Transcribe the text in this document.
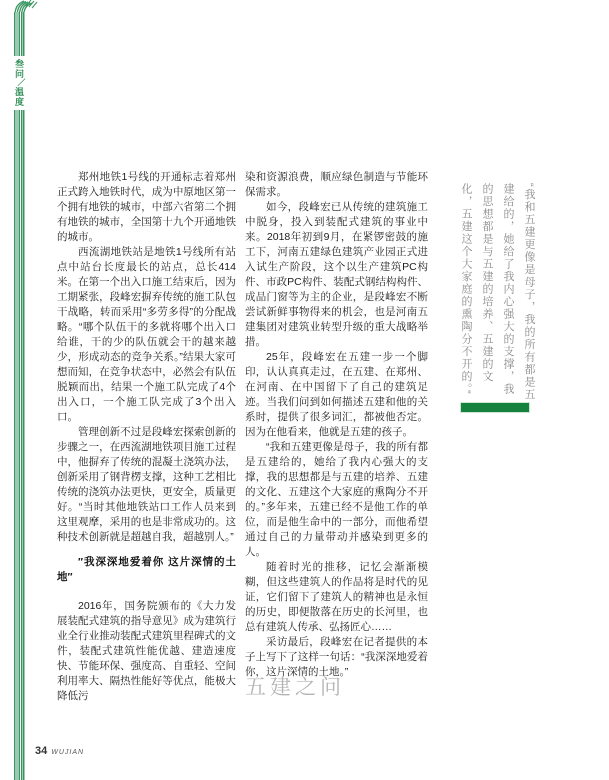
叁
问
／
温
度

郑州地铁1号线的开通标志着郑州正式跨入地铁时代，成为中原地区第一个拥有地铁的城市，中部六省第二个拥有地铁的城市，全国第十九个开通地铁的城市。

西流湖地铁站是地铁1号线所有站点中站台长度最长的站点，总长414米。在第一个出入口施工结束后，因为工期紧张，段峰宏摒弃传统的施工队包干战略，转而采用“多劳多得”的分配战略。“哪个队伍干的多就将哪个出入口给谁，干的少的队伍就会干的越来越少，形成动态的竞争关系。”结果大家可想而知，在竞争状态中，必然会有队伍脱颖而出，结果一个施工队完成了4个出入口，一个施工队完成了3个出入口。

管理创新不过是段峰宏探索创新的步骤之一，在西流湖地铁项目施工过程中，他摒弃了传统的混凝土浇筑办法，创新采用了钢背楞支撑，这种工艺相比传统的浇筑办法更快，更安全，质量更好。“当时其他地铁站口工作人员来到这里观摩，采用的也是非常成功的。这种技术创新就是超越自我，超越别人。”

″我深深地爱着你 这片深情的土地″

2016年，国务院颁布的《大力发展装配式建筑的指导意见》成为建筑行业全行业推动装配式建筑里程碑式的文件，装配式建筑性能优越、建造速度快、节能环保、强度高、自重轻、空间利用率大、隔热性能好等优点，能极大降低污

染和资源浪费，顺应绿色制造与节能环保需求。

如今，段峰宏已从传统的建筑施工中脱身，投入到装配式建筑的事业中来。2018年初到9月，在紧锣密鼓的施工下，河南五建绿色建筑产业园正式进入试生产阶段，这个以生产建筑PC构件、市政PC构件、装配式钢结构构件、成品门窗等为主的企业，是段峰宏不断尝试新鲜事物得来的机会，也是河南五建集团对建筑业转型升级的重大战略举措。

25年，段峰宏在五建一步一个脚印，认认真真走过，在五建、在郑州、在河南、在中国留下了自己的建筑足迹。当我们问到如何描述五建和他的关系时，提供了很多词汇，都被他否定。因为在他看来，他就是五建的孩子。

“我和五建更像是母子，我的所有都是五建给的，她给了我内心强大的支撑，我的思想都是与五建的培养、五建的文化、五建这个大家庭的熏陶分不开的。”多年来，五建已经不是他工作的单位，而是他生命中的一部分，而他希望通过自己的力量带动并感染到更多的人。

随着时光的推移，记忆会渐渐模糊，但这些建筑人的作品将是时代的见证，它们留下了建筑人的精神也是永恒的历史，即便散落在历史的长河里，也总有建筑人传承、弘扬匠心……

采访最后，段峰宏在记者提供的本子上写下了这样一句话：“我深深地爱着你，这片深情的土地。”

五建之问

“我和五建更像是母子，我的所有都是五建给的，她给了我内心强大的支撑，我的思想都是与五建的培养、五建的文化，五建这个大家庭的熏陶分不开的。”
34 WUJIAN
